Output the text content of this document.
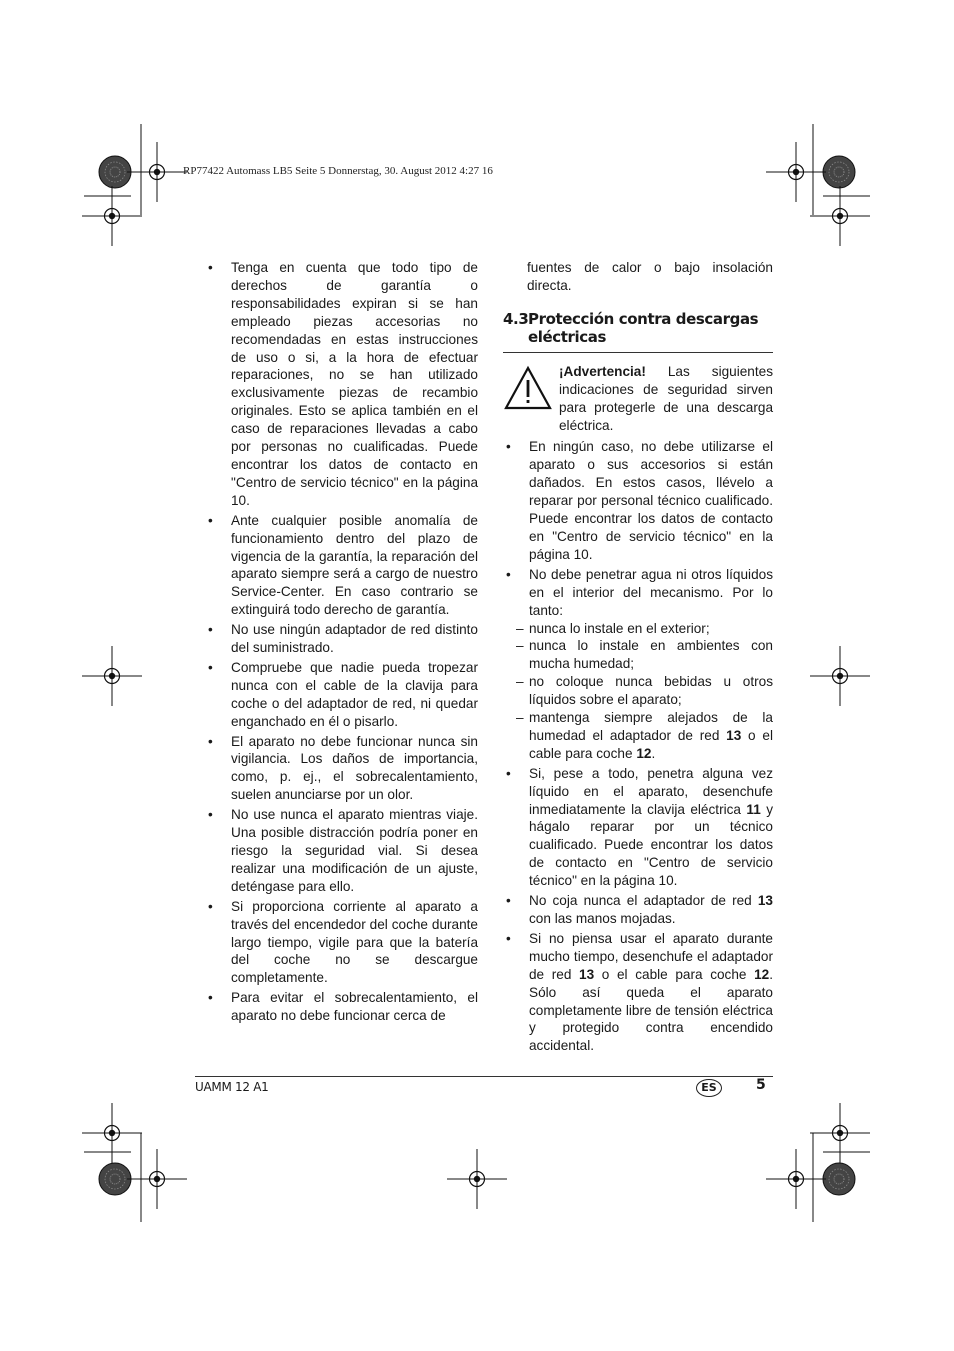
RP77422 Automass LB5 Seite 5 Donnerstag, 30. August 2012 4:27 16
• Tenga en cuenta que todo tipo de derechos de garantía o responsabilidades expiran si se han empleado piezas accesorias no recomendadas en estas instrucciones de uso o si, a la hora de efectuar reparaciones, no se han utilizado exclusivamente piezas de recambio originales. Esto se aplica también en el caso de reparaciones llevadas a cabo por personas no cualificadas. Puede encontrar los datos de contacto en "Centro de servicio técnico" en la página 10.
• Ante cualquier posible anomalía de funcionamiento dentro del plazo de vigencia de la garantía, la reparación del aparato siempre será a cargo de nuestro Service-Center. En caso contrario se extinguirá todo derecho de garantía.
• No use ningún adaptador de red distinto del suministrado.
• Compruebe que nadie pueda tropezar nunca con el cable de la clavija para coche o del adaptador de red, ni quedar enganchado en él o pisarlo.
• El aparato no debe funcionar nunca sin vigilancia. Los daños de importancia, como, p. ej., el sobrecalentamiento, suelen anunciarse por un olor.
• No use nunca el aparato mientras viaje. Una posible distracción podría poner en riesgo la seguridad vial. Si desea realizar una modificación de un ajuste, deténgase para ello.
• Si proporciona corriente al aparato a través del encendedor del coche durante largo tiempo, vigile para que la batería del coche no se descargue completamente.
• Para evitar el sobrecalentamiento, el aparato no debe funcionar cerca de
fuentes de calor o bajo insolación directa.
4.3Protección contra descargas
eléctricas
¡Advertencia! Las siguientes indicaciones de seguridad sirven para protegerle de una descarga eléctrica.
• En ningún caso, no debe utilizarse el aparato o sus accesorios si están dañados. En estos casos, llévelo a reparar por personal técnico cualificado. Puede encontrar los datos de contacto en "Centro de servicio técnico" en la página 10.
• No debe penetrar agua ni otros líquidos en el interior del mecanismo. Por lo tanto:
– nunca lo instale en el exterior;
– nunca lo instale en ambientes con mucha humedad;
– no coloque nunca bebidas u otros líquidos sobre el aparato;
– mantenga siempre alejados de la humedad el adaptador de red 13 o el cable para coche 12.
• Si, pese a todo, penetra alguna vez líquido en el aparato, desenchufe inmediatamente la clavija eléctrica 11 y hágalo reparar por un técnico cualificado. Puede encontrar los datos de contacto en "Centro de servicio técnico" en la página 10.
• No coja nunca el adaptador de red 13 con las manos mojadas.
• Si no piensa usar el aparato durante mucho tiempo, desenchufe el adaptador de red 13 o el cable para coche 12. Sólo así queda el aparato completamente libre de tensión eléctrica y protegido contra encendido accidental.
UAMM 12 A1	ES	5
